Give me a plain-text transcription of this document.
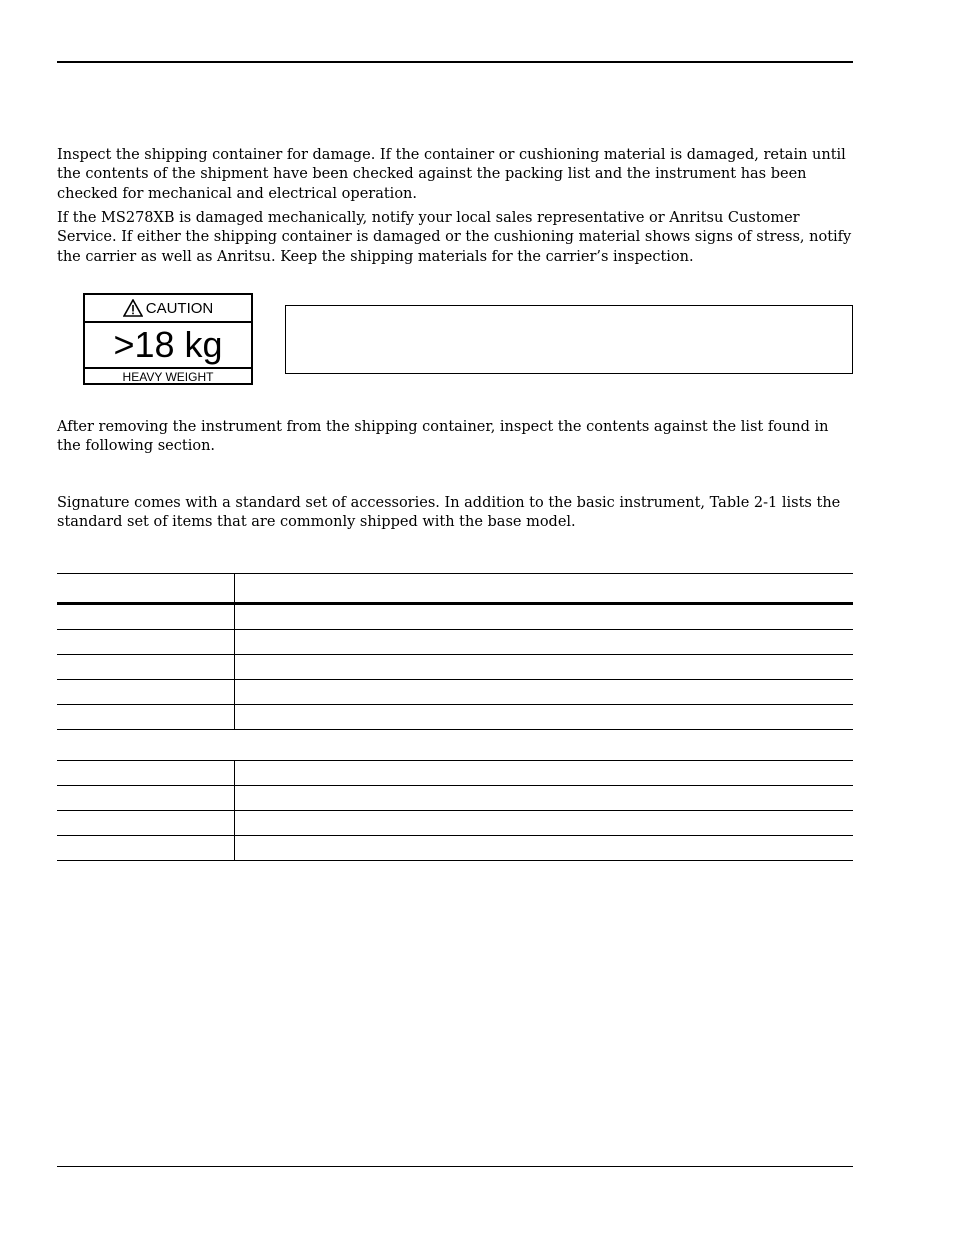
Inspect the shipping container for damage. If the container or cushioning material is damaged, retain until the contents of the shipment have been checked against the packing list and the instrument has been checked for mechanical and electrical operation.

If the MS278XB is damaged mechanically, notify your local sales representative or Anritsu Customer Service. If either the shipping container is damaged or the cushioning material shows signs of stress, notify the carrier as well as Anritsu. Keep the shipping materials for the carrier’s inspection.

CAUTION
>18 kg
HEAVY WEIGHT

After removing the instrument from the shipping container, inspect the contents against the list found in the following section.

Signature comes with a standard set of accessories. In addition to the basic instrument, Table 2-1 lists the standard set of items that are commonly shipped with the base model.
